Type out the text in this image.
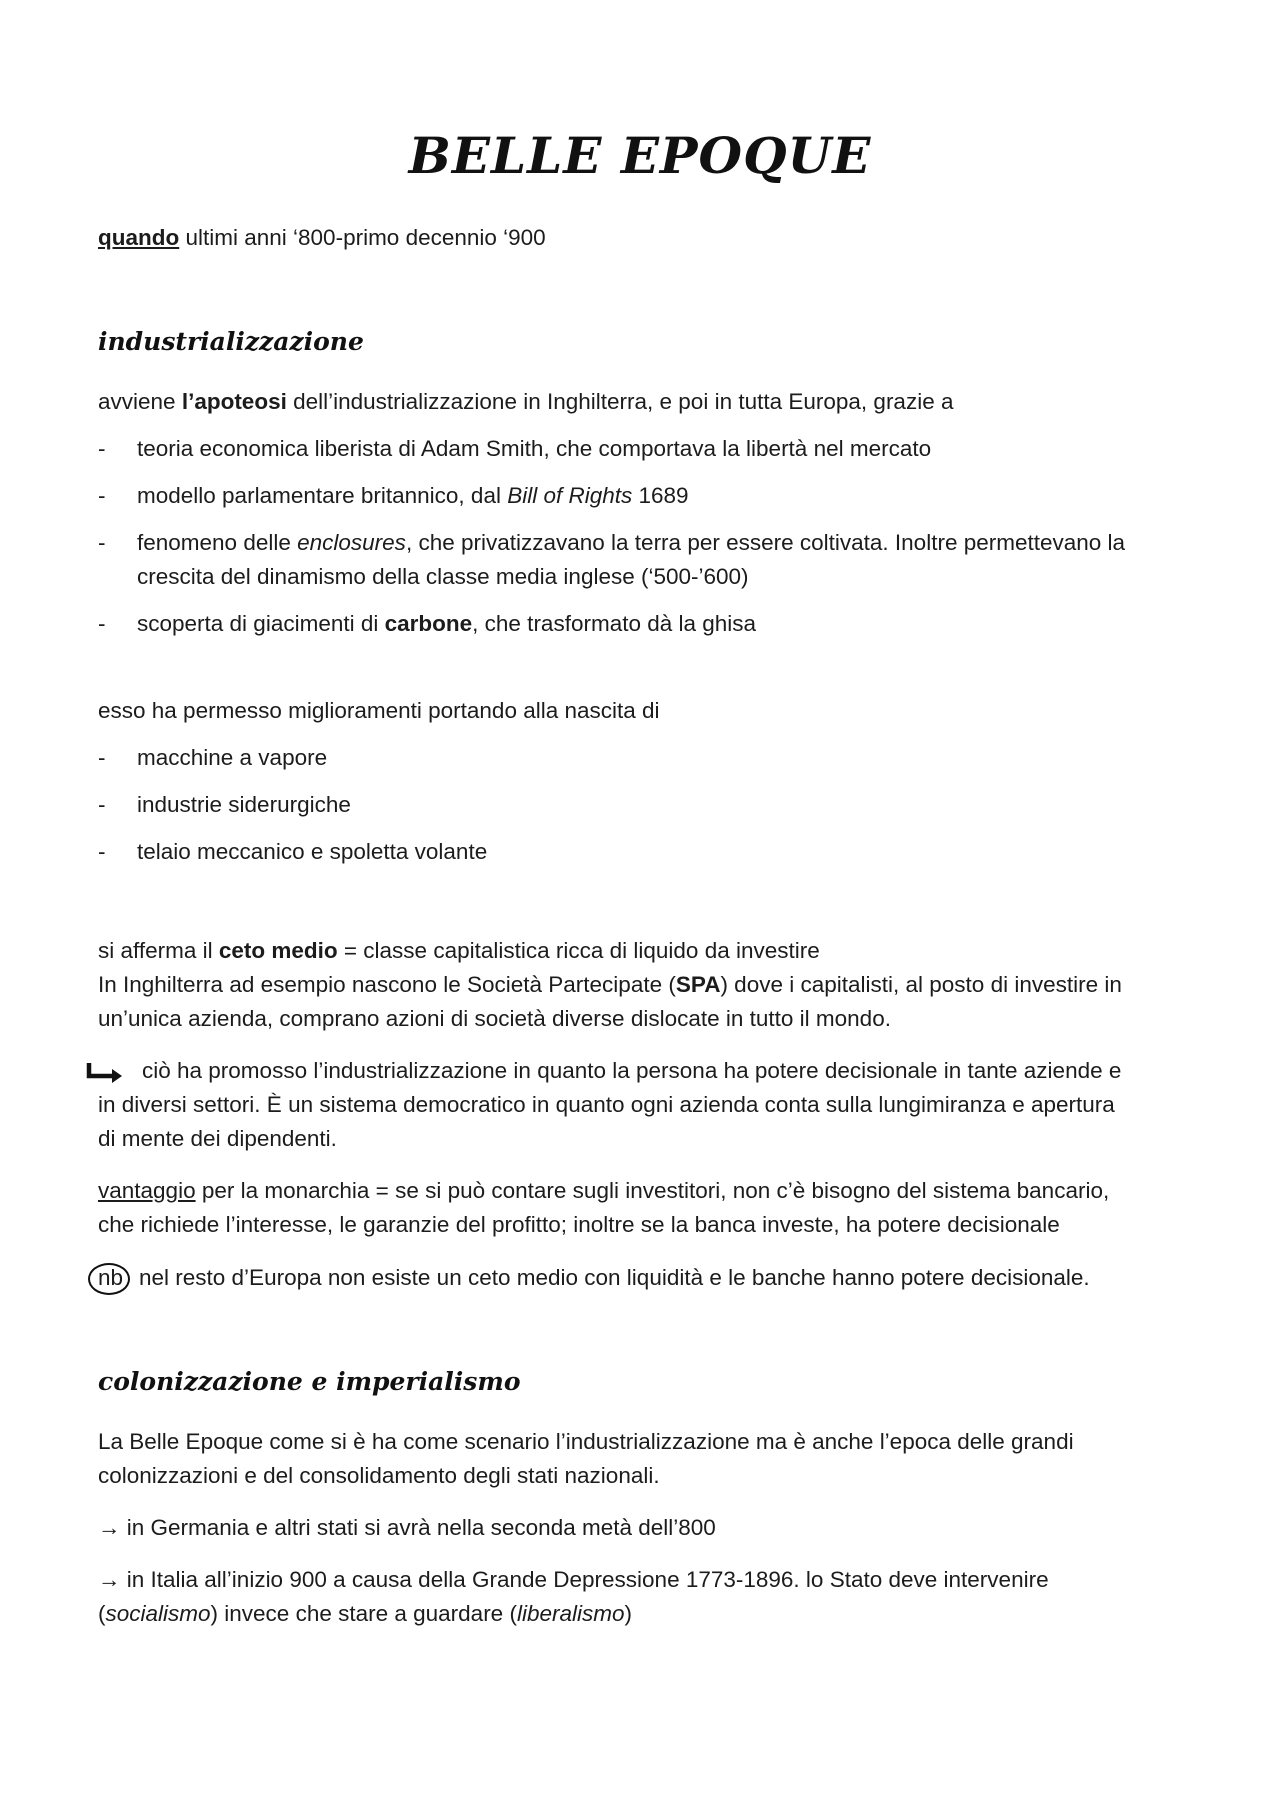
BELLE EPOQUE
quando ultimi anni ‘800-primo decennio ‘900
industrializzazione
avviene l’apoteosi dell’industrializzazione in Inghilterra, e poi in tutta Europa, grazie a
- teoria economica liberista di Adam Smith, che comportava la libertà nel mercato
- modello parlamentare britannico, dal Bill of Rights 1689
- fenomeno delle enclosures, che privatizzavano la terra per essere coltivata. Inoltre permettevano la crescita del dinamismo della classe media inglese (‘500-’600)
- scoperta di giacimenti di carbone, che trasformato dà la ghisa
esso ha permesso miglioramenti portando alla nascita di
- macchine a vapore
- industrie siderurgiche
- telaio meccanico e spoletta volante
si afferma il ceto medio = classe capitalistica ricca di liquido da investire
In Inghilterra ad esempio nascono le Società Partecipate (SPA) dove i capitalisti, al posto di investire in
un’unica azienda, comprano azioni di società diverse dislocate in tutto il mondo.
ciò ha promosso l’industrializzazione in quanto la persona ha potere decisionale in tante aziende e
in diversi settori. È un sistema democratico in quanto ogni azienda conta sulla lungimiranza e apertura
di mente dei dipendenti.
vantaggio per la monarchia = se si può contare sugli investitori, non c’è bisogno del sistema bancario,
che richiede l’interesse, le garanzie del profitto; inoltre se la banca investe, ha potere decisionale
nb nel resto d’Europa non esiste un ceto medio con liquidità e le banche hanno potere decisionale.
colonizzazione e imperialismo
La Belle Epoque come si è ha come scenario l’industrializzazione ma è anche l’epoca delle grandi
colonizzazioni e del consolidamento degli stati nazionali.
→ in Germania e altri stati si avrà nella seconda metà dell’800
→ in Italia all’inizio 900 a causa della Grande Depressione 1773-1896. lo Stato deve intervenire
(socialismo) invece che stare a guardare (liberalismo)
